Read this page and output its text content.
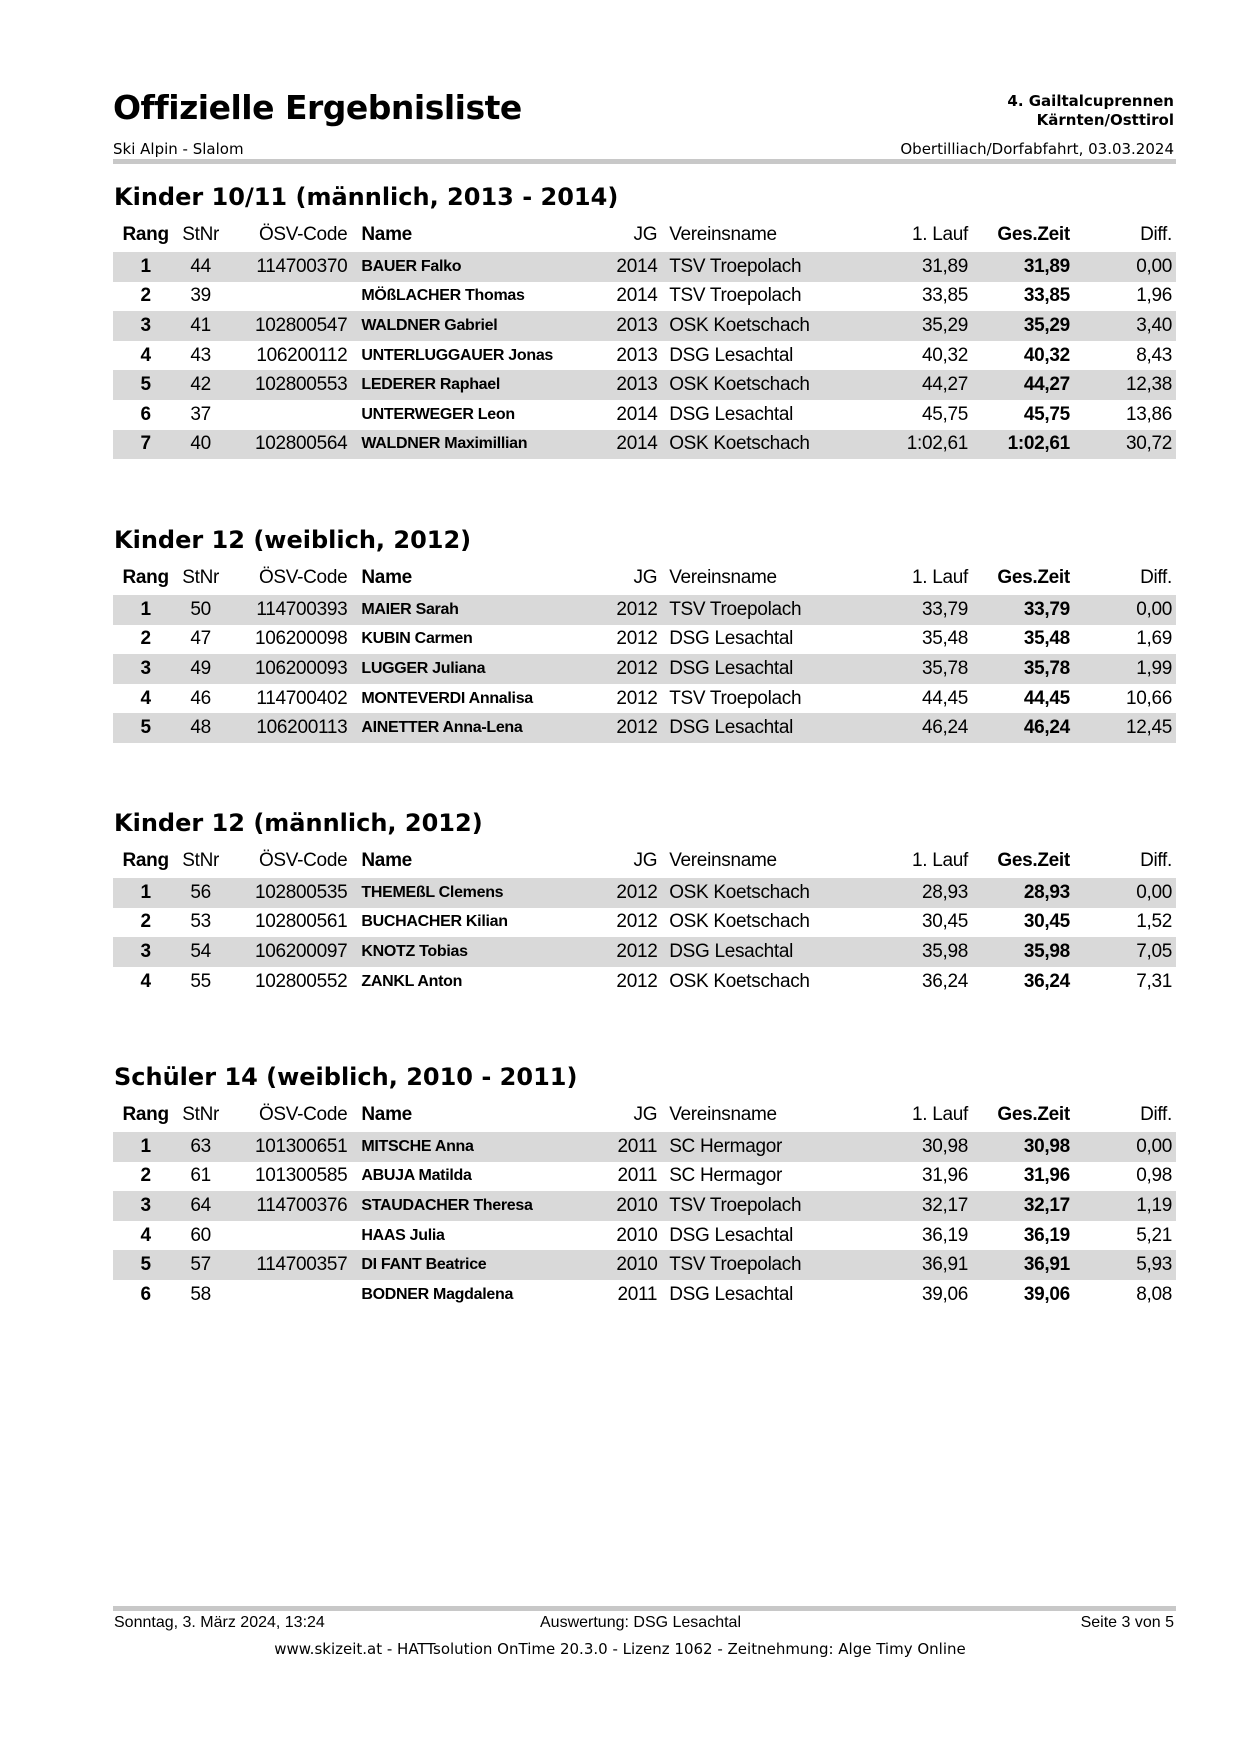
Offizielle Ergebnisliste
Ski Alpin - Slalom
4. Gailtalcuprennen
Kärnten/Osttirol
Obertilliach/Dorfabfahrt, 03.03.2024
Kinder 10/11 (männlich, 2013 - 2014)
Rang	StNr	ÖSV-Code	Name	JG	Vereinsname	1. Lauf	Ges.Zeit	Diff.
1	44	114700370	BAUER Falko	2014	TSV Troepolach	31,89	31,89	0,00
2	39		MÖßLACHER Thomas	2014	TSV Troepolach	33,85	33,85	1,96
3	41	102800547	WALDNER Gabriel	2013	OSK Koetschach	35,29	35,29	3,40
4	43	106200112	UNTERLUGGAUER Jonas	2013	DSG Lesachtal	40,32	40,32	8,43
5	42	102800553	LEDERER Raphael	2013	OSK Koetschach	44,27	44,27	12,38
6	37		UNTERWEGER Leon	2014	DSG Lesachtal	45,75	45,75	13,86
7	40	102800564	WALDNER Maximillian	2014	OSK Koetschach	1:02,61	1:02,61	30,72
Kinder 12 (weiblich, 2012)
Rang	StNr	ÖSV-Code	Name	JG	Vereinsname	1. Lauf	Ges.Zeit	Diff.
1	50	114700393	MAIER Sarah	2012	TSV Troepolach	33,79	33,79	0,00
2	47	106200098	KUBIN Carmen	2012	DSG Lesachtal	35,48	35,48	1,69
3	49	106200093	LUGGER Juliana	2012	DSG Lesachtal	35,78	35,78	1,99
4	46	114700402	MONTEVERDI Annalisa	2012	TSV Troepolach	44,45	44,45	10,66
5	48	106200113	AINETTER Anna-Lena	2012	DSG Lesachtal	46,24	46,24	12,45
Kinder 12 (männlich, 2012)
Rang	StNr	ÖSV-Code	Name	JG	Vereinsname	1. Lauf	Ges.Zeit	Diff.
1	56	102800535	THEMEßL Clemens	2012	OSK Koetschach	28,93	28,93	0,00
2	53	102800561	BUCHACHER Kilian	2012	OSK Koetschach	30,45	30,45	1,52
3	54	106200097	KNOTZ Tobias	2012	DSG Lesachtal	35,98	35,98	7,05
4	55	102800552	ZANKL Anton	2012	OSK Koetschach	36,24	36,24	7,31
Schüler 14 (weiblich, 2010 - 2011)
Rang	StNr	ÖSV-Code	Name	JG	Vereinsname	1. Lauf	Ges.Zeit	Diff.
1	63	101300651	MITSCHE Anna	2011	SC Hermagor	30,98	30,98	0,00
2	61	101300585	ABUJA Matilda	2011	SC Hermagor	31,96	31,96	0,98
3	64	114700376	STAUDACHER Theresa	2010	TSV Troepolach	32,17	32,17	1,19
4	60		HAAS Julia	2010	DSG Lesachtal	36,19	36,19	5,21
5	57	114700357	DI FANT Beatrice	2010	TSV Troepolach	36,91	36,91	5,93
6	58		BODNER Magdalena	2011	DSG Lesachtal	39,06	39,06	8,08
Sonntag, 3. März 2024, 13:24	Auswertung: DSG Lesachtal	Seite 3 von 5
www.skizeit.at - HATTsolution OnTime 20.3.0 - Lizenz 1062 - Zeitnehmung: Alge Timy Online
